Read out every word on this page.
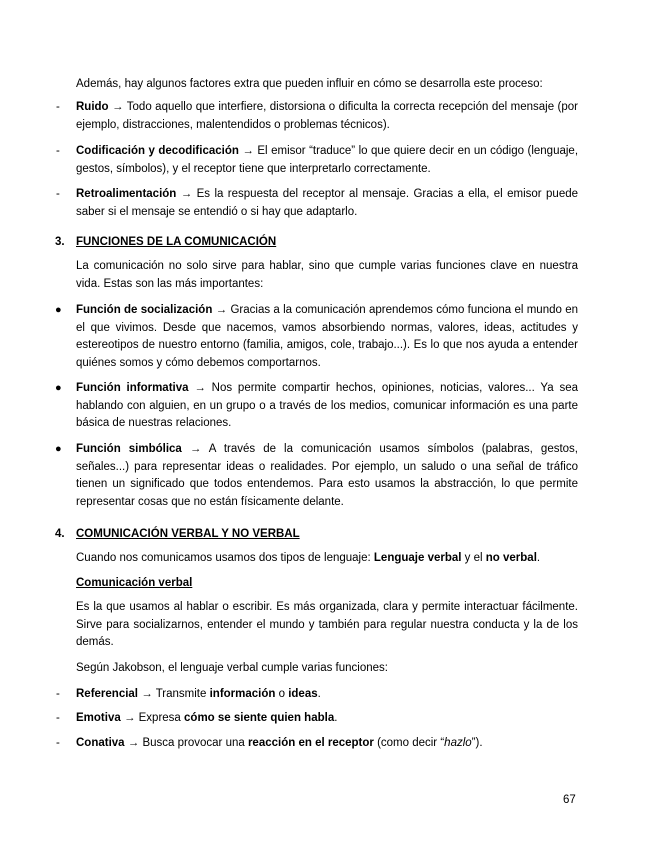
Además, hay algunos factores extra que pueden influir en cómo se desarrolla este proceso:

- Ruido → Todo aquello que interfiere, distorsiona o dificulta la correcta recepción del mensaje (por ejemplo, distracciones, malentendidos o problemas técnicos).
- Codificación y decodificación → El emisor “traduce” lo que quiere decir en un código (lenguaje, gestos, símbolos), y el receptor tiene que interpretarlo correctamente.
- Retroalimentación → Es la respuesta del receptor al mensaje. Gracias a ella, el emisor puede saber si el mensaje se entendió o si hay que adaptarlo.
3. FUNCIONES DE LA COMUNICACIÓN

La comunicación no solo sirve para hablar, sino que cumple varias funciones clave en nuestra vida. Estas son las más importantes:

● Función de socialización → Gracias a la comunicación aprendemos cómo funciona el mundo en el que vivimos. Desde que nacemos, vamos absorbiendo normas, valores, ideas, actitudes y estereotipos de nuestro entorno (familia, amigos, cole, trabajo...). Es lo que nos ayuda a entender quiénes somos y cómo debemos comportarnos.
● Función informativa → Nos permite compartir hechos, opiniones, noticias, valores... Ya sea hablando con alguien, en un grupo o a través de los medios, comunicar información es una parte básica de nuestras relaciones.
● Función simbólica → A través de la comunicación usamos símbolos (palabras, gestos, señales...) para representar ideas o realidades. Por ejemplo, un saludo o una señal de tráfico tienen un significado que todos entendemos. Para esto usamos la abstracción, lo que permite representar cosas que no están físicamente delante.
4. COMUNICACIÓN VERBAL Y NO VERBAL

Cuando nos comunicamos usamos dos tipos de lenguaje: Lenguaje verbal y el no verbal.

Comunicación verbal

Es la que usamos al hablar o escribir. Es más organizada, clara y permite interactuar fácilmente. Sirve para socializarnos, entender el mundo y también para regular nuestra conducta y la de los demás.

Según Jakobson, el lenguaje verbal cumple varias funciones:

- Referencial → Transmite información o ideas.
- Emotiva → Expresa cómo se siente quien habla.
- Conativa → Busca provocar una reacción en el receptor (como decir “hazlo”).
67
